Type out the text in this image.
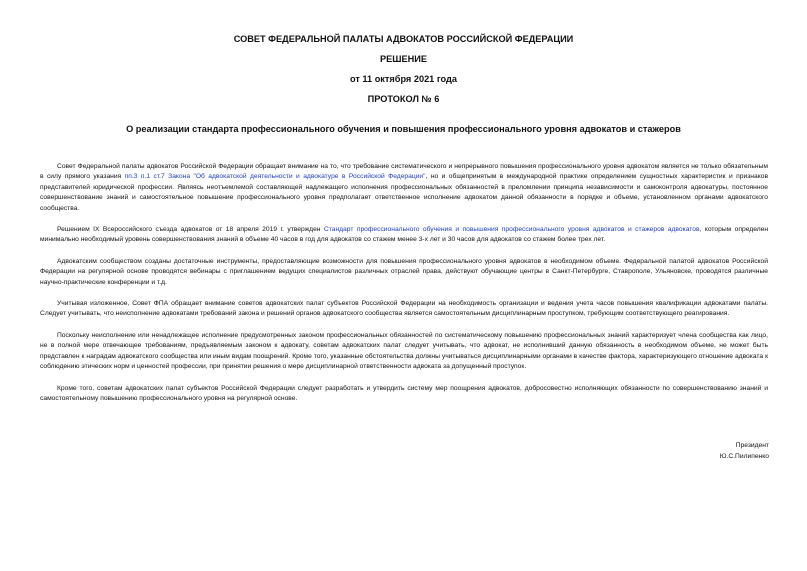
СОВЕТ ФЕДЕРАЛЬНОЙ ПАЛАТЫ АДВОКАТОВ РОССИЙСКОЙ ФЕДЕРАЦИИ
РЕШЕНИЕ
от 11 октября 2021 года
ПРОТОКОЛ № 6
О реализации стандарта профессионального обучения и повышения профессионального уровня адвокатов и стажеров

Совет Федеральной палаты адвокатов Российской Федерации обращает внимание на то, что требование систематического и непрерывного повышения профессионального уровня адвокатом является не только обязательным в силу прямого указания пп.3 п.1 ст.7 Закона "Об адвокатской деятельности и адвокатуре в Российской Федерации", но и общепринятым в международной практике определением сущностных характеристик и признаков представителей юридической профессии. Являясь неотъемлемой составляющей надлежащего исполнения профессиональных обязанностей в преломлении принципа независимости и самоконтроля адвокатуры, постоянное совершенствование знаний и самостоятельное повышение профессионального уровня предполагает ответственное исполнение адвокатом данной обязанности в порядке и объеме, установленном органами адвокатского сообщества.

Решением IX Всероссийского съезда адвокатов от 18 апреля 2019 г. утвержден Стандарт профессионального обучения и повышения профессионального уровня адвокатов и стажеров адвокатов, которым определен минимально необходимый уровень совершенствования знаний в объеме 40 часов в год для адвокатов со стажем менее 3-х лет и 30 часов для адвокатов со стажем более трех лет.

Адвокатским сообществом созданы достаточные инструменты, предоставляющие возможности для повышения профессионального уровня адвокатов в необходимом объеме. Федеральной палатой адвокатов Российской Федерации на регулярной основе проводятся вебинары с приглашением ведущих специалистов различных отраслей права, действуют обучающие центры в Санкт-Петербурге, Ставрополе, Ульяновске, проводятся различные научно-практические конференции и т.д.

Учитывая изложенное, Совет ФПА обращает внимание советов адвокатских палат субъектов Российской Федерации на необходимость организации и ведения учета часов повышения квалификации адвокатами палаты. Следует учитывать, что неисполнение адвокатами требований закона и решений органов адвокатского сообщества является самостоятельным дисциплинарным проступком, требующим соответствующего реагирования.

Поскольку неисполнение или ненадлежащее исполнение предусмотренных законом профессиональных обязанностей по систематическому повышению профессиональных знаний характеризует члена сообщества как лицо, не в полной мере отвечающее требованиям, предъявляемым законом к адвокату, советам адвокатских палат следует учитывать, что адвокат, не исполнивший данную обязанность в необходимом объеме, не может быть представлен к наградам адвокатского сообщества или иным видам поощрений. Кроме того, указанные обстоятельства должны учитываться дисциплинарными органами в качестве фактора, характеризующего отношение адвоката к соблюдению этических норм и ценностей профессии, при принятии решения о мере дисциплинарной ответственности адвоката за допущенный проступок.

Кроме того, советам адвокатских палат субъектов Российской Федерации следует разработать и утвердить систему мер поощрения адвокатов, добросовестно исполняющих обязанности по совершенствованию знаний и самостоятельному повышению профессионального уровня на регулярной основе.

Президент
Ю.С.Пилипенко
